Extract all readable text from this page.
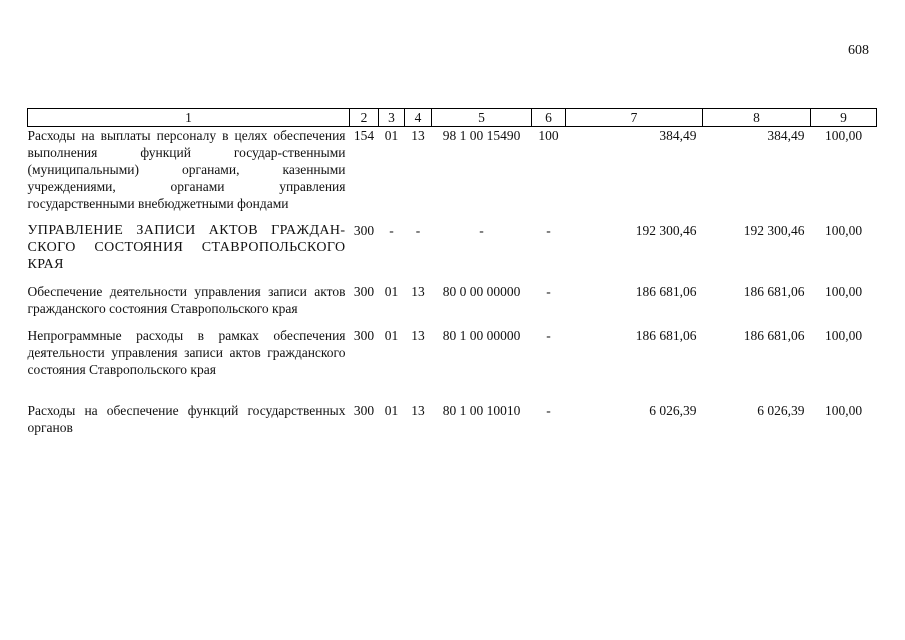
608
1	2	3	4	5	6	7	8	9
Расходы на выплаты персоналу в целях обеспечения выполнения функций государ-ственными (муниципальными) органами, казенными учреждениями, органами управления государственными внебюджетными фондами	154	01	13	98 1 00 15490	100	384,49	384,49	100,00

УПРАВЛЕНИЕ ЗАПИСИ АКТОВ ГРАЖДАН-СКОГО СОСТОЯНИЯ СТАВРОПОЛЬСКОГО КРАЯ	300	-	-	-	-	192 300,46	192 300,46	100,00

Обеспечение деятельности управления записи актов гражданского состояния Ставропольского края	300	01	13	80 0 00 00000	-	186 681,06	186 681,06	100,00

Непрограммные расходы в рамках обеспечения деятельности управления записи актов гражданского состояния Ставропольского края	300	01	13	80 1 00 00000	-	186 681,06	186 681,06	100,00

Расходы на обеспечение функций государственных органов	300	01	13	80 1 00 10010	-	6 026,39	6 026,39	100,00
